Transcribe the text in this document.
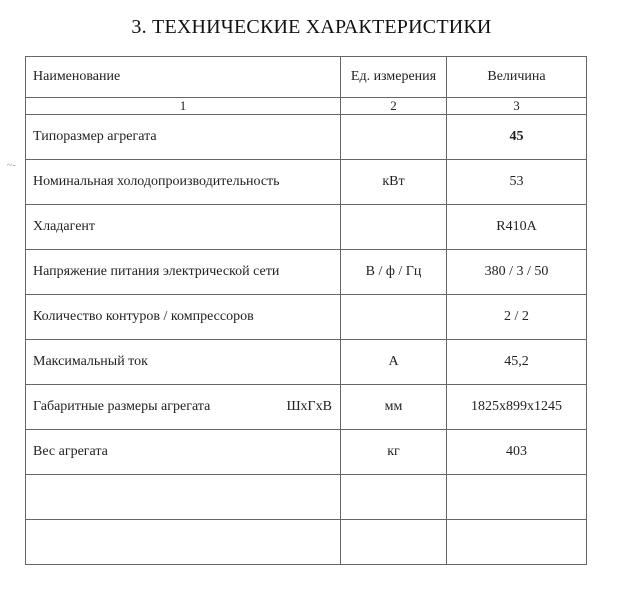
3. ТЕХНИЧЕСКИЕ ХАРАКТЕРИСТИКИ
~-
Наименование	Ед. измерения	Величина
1	2	3
Типоразмер агрегата		45
Номинальная холодопроизводительность	кВт	53
Хладагент		R410A
Напряжение питания электрической сети	В / ф / Гц	380 / 3 / 50
Количество контуров / компрессоров		2 / 2
Максимальный ток	А	45,2

Габаритные размеры агрегата ШхГхВ	мм	1825x899x1245
Вес агрегата	кг	403
